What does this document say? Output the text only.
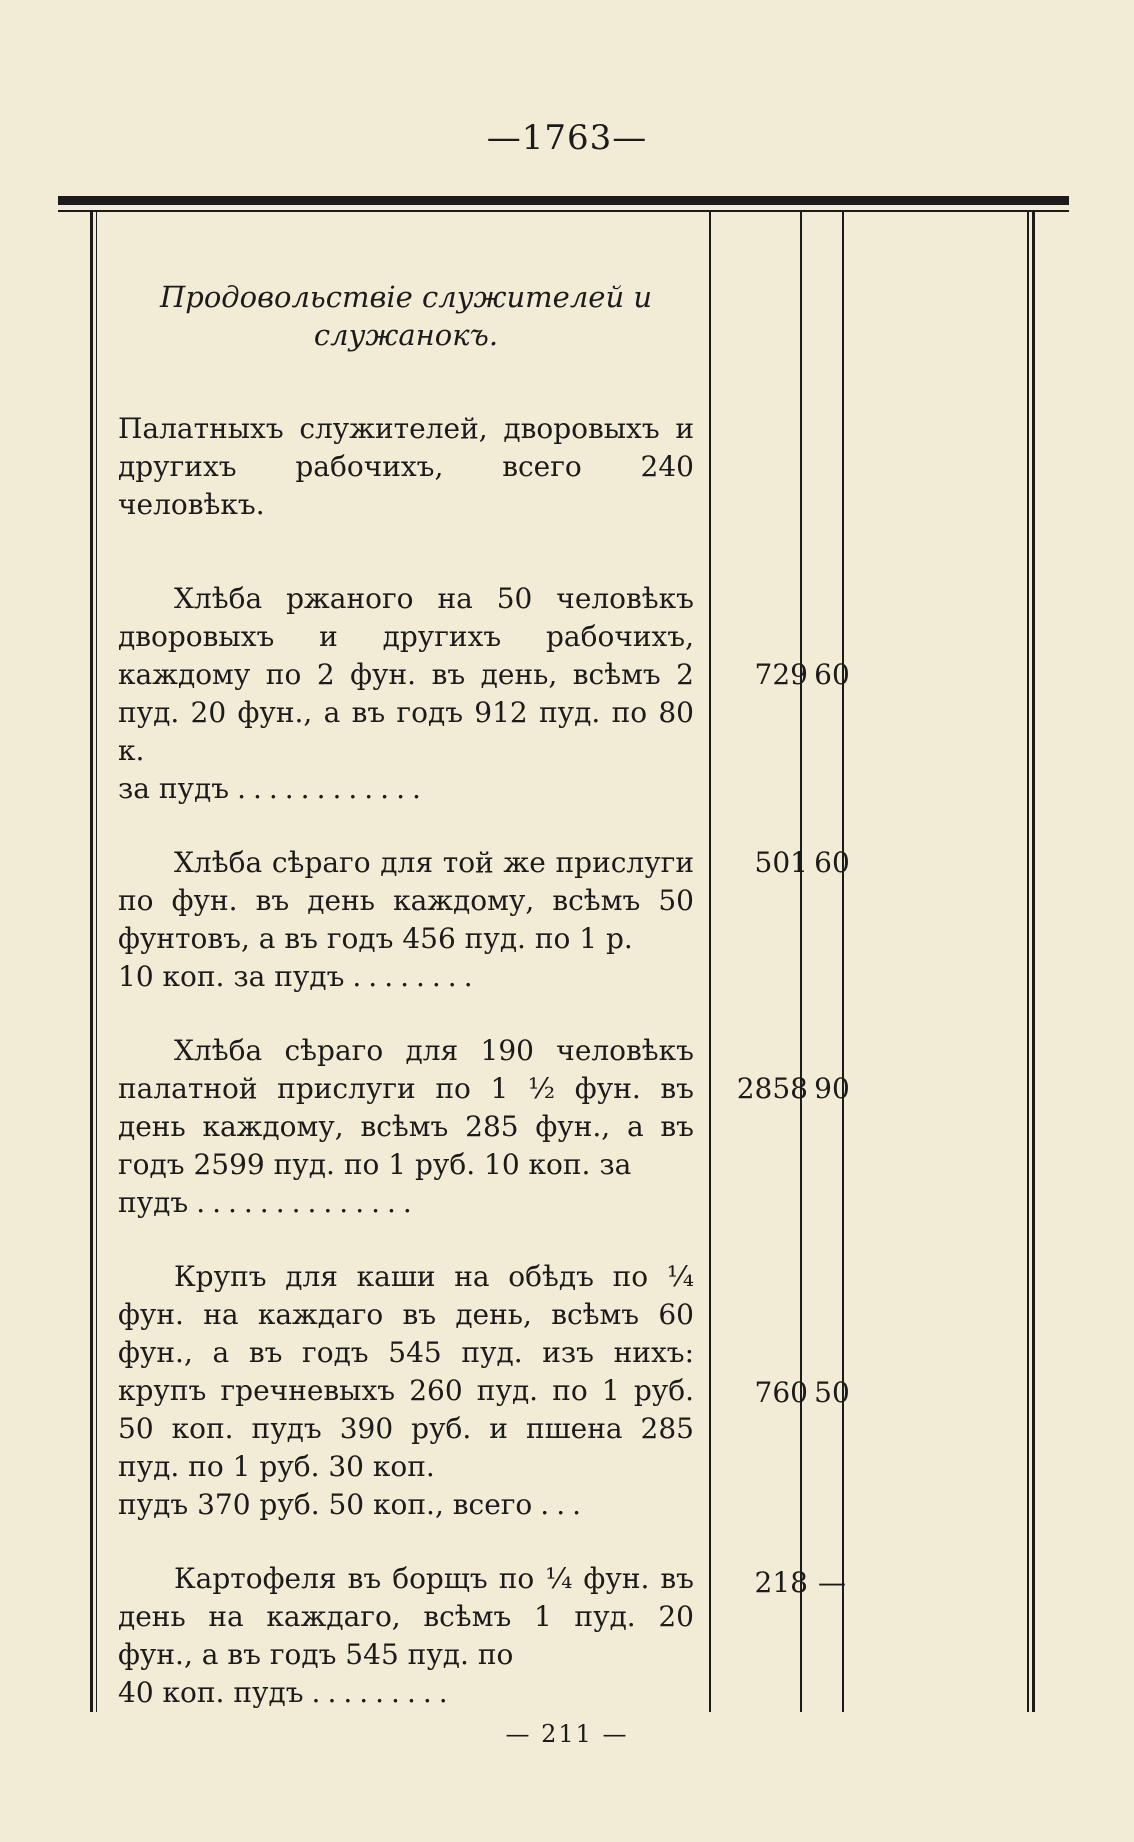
—1763—
Продовольствіе служителей и служанокъ.

Палатныхъ служителей, дворовыхъ и другихъ рабочихъ, всего 240 человѣкъ.

Хлѣба ржаного на 50 человѣкъ дворовыхъ и другихъ рабочихъ, каждому по 2 фун. въ день, всѣмъ 2 пуд. 20 фун., а въ годъ 912 пуд. по 80 к.

за пудъ ............

Хлѣба сѣраго для той же прислуги по фун. въ день каждому, всѣмъ 50 фунтовъ, а въ годъ 456 пуд. по 1 р.

10 коп. за пудъ ........

Хлѣба сѣраго для 190 человѣкъ палатной прислуги по 1 ½ фун. въ день каждому, всѣмъ 285 фун., а въ годъ 2599 пуд. по 1 руб. 10 коп. за

пудъ ..............

Крупъ для каши на обѣдъ по ¼ фун. на каждаго въ день, всѣмъ 60 фун., а въ годъ 545 пуд. изъ нихъ: крупъ гречневыхъ 260 пуд. по 1 руб. 50 коп. пудъ 390 руб. и пшена 285 пуд. по 1 руб. 30 коп.

пудъ 370 руб. 50 коп., всего ...

Картофеля въ борщъ по ¼ фун. въ день на каждаго, всѣмъ 1 пуд. 20 фун., а въ годъ 545 пуд. по

40 коп. пудъ .........
729 60
501 60
2858 90
760 50
218 —
— 211 —
